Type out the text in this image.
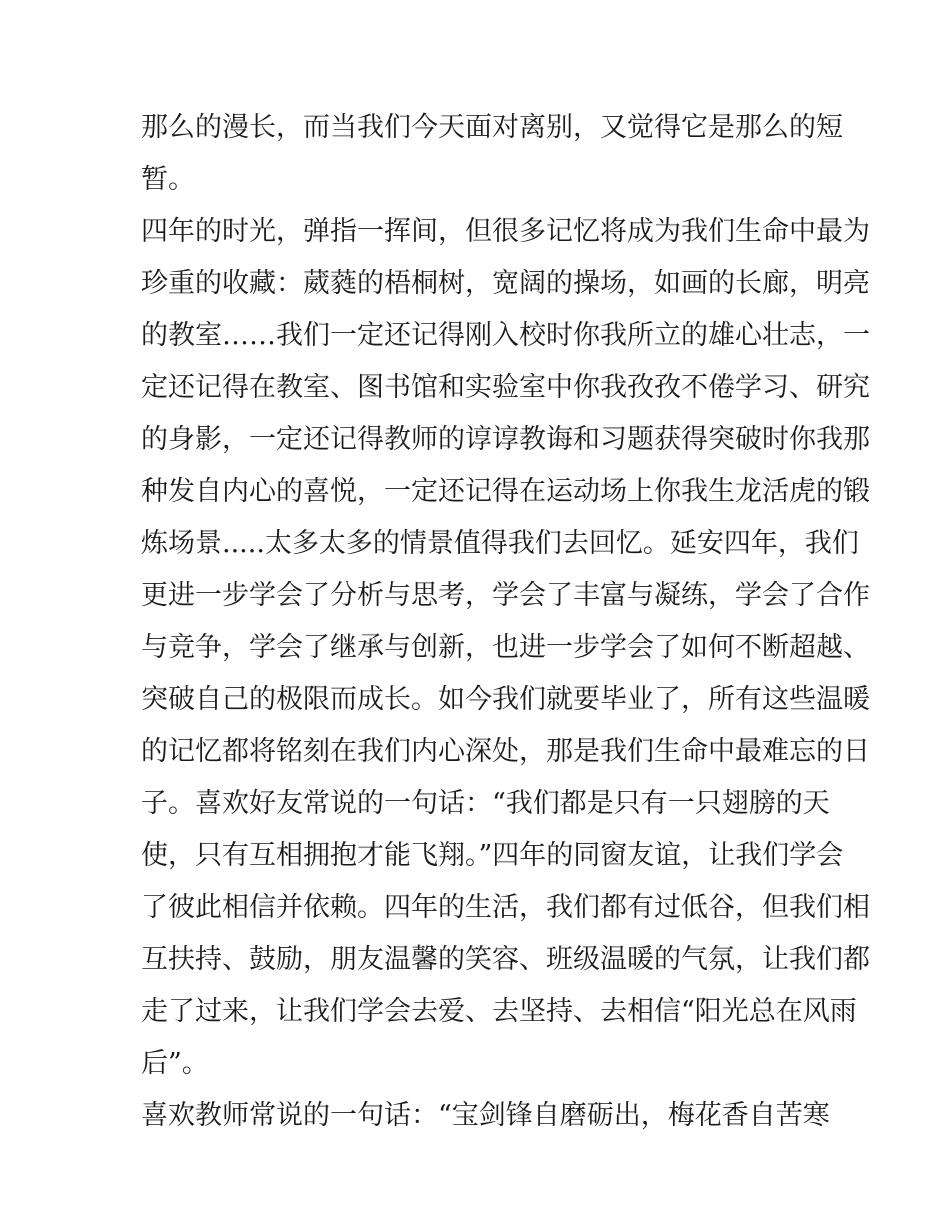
那么的漫长，而当我们今天面对离别，又觉得它是那么的短
暂。
四年的时光，弹指一挥间，但很多记忆将成为我们生命中最为
珍重的收藏：葳蕤的梧桐树，宽阔的操场，如画的长廊，明亮
的教室……我们一定还记得刚入校时你我所立的雄心壮志，一
定还记得在教室、图书馆和实验室中你我孜孜不倦学习、研究
的身影，一定还记得教师的谆谆教诲和习题获得突破时你我那
种发自内心的喜悦，一定还记得在运动场上你我生龙活虎的锻
炼场景.....太多太多的情景值得我们去回忆。延安四年，我们
更进一步学会了分析与思考，学会了丰富与凝练，学会了合作
与竞争，学会了继承与创新，也进一步学会了如何不断超越、
突破自己的极限而成长。如今我们就要毕业了，所有这些温暖
的记忆都将铭刻在我们内心深处，那是我们生命中最难忘的日
子。喜欢好友常说的一句话：“我们都是只有一只翅膀的天
使，只有互相拥抱才能飞翔。”四年的同窗友谊，让我们学会
了彼此相信并依赖。四年的生活，我们都有过低谷，但我们相
互扶持、鼓励，朋友温馨的笑容、班级温暖的气氛，让我们都
走了过来，让我们学会去爱、去坚持、去相信“阳光总在风雨
后”。
喜欢教师常说的一句话：“宝剑锋自磨砺出，梅花香自苦寒
